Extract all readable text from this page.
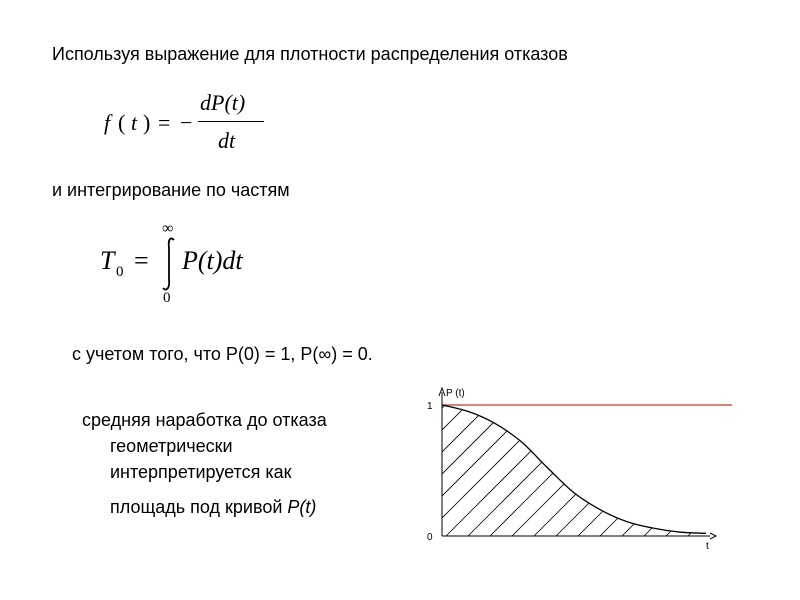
Используя выражение для плотности распределения отказов
f ( t ) = −
dP(t)
dt
и интегрирование по частям
T 0 =
∞
0
P(t)dt
с учетом того, что P(0) = 1, P(∞) = 0.
средняя наработка до отказа
геометрически
интерпретируется как
площадь под кривой P(t)
P (t)
t
1
0
